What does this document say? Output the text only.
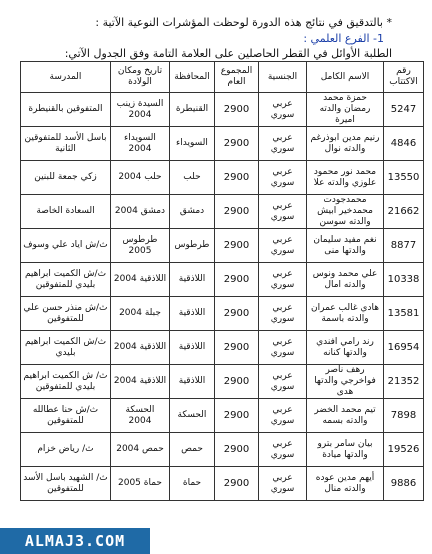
* بالتدقيق في نتائج هذه الدورة لوحظت المؤشرات النوعية الآتية :
1- الفرع العلمي :
الطلبة الأوائل في القطر الحاصلين على العلامة التامة وفق الجدول الآتي:
رقم الاكتتاب	الاسم الكامل	الجنسية	المجموع العام	المحافظة	تاريخ ومكان الولادة	المدرسة
5247	حمزة محمد رمضان والدته اميرة	عربي سوري	2900	القنيطرة	السيدة زينب 2004	المتفوقين بالقنيطرة
4846	رنيم مدين ابوذرغم والدته نوال	عربي سوري	2900	السويداء	السويداء 2004	باسل الأسد للمتفوقين الثانية
13550	محمد نور محمود علوزي والدته علا	عربي سوري	2900	حلب	حلب 2004	زكي جمعة للبنين
21662	محمدجودت محمدخير ابيش والدته سوسن	عربي سوري	2900	دمشق	دمشق 2004	السعادة الخاصة
8877	نغم مفيد سليمان والدتها منى	عربي سوري	2900	طرطوس	طرطوس 2005	ث/ش اياد علي وسوف
10338	علي محمد ونوس والدته امال	عربي سوري	2900	اللاذقية	اللاذقية 2004	ث/ش الكميت ابراهيم بليدي للمتفوقين
13581	هادي غالب عمران والدته باسمة	عربي سوري	2900	اللاذقية	جبلة 2004	ث/ش منذر حسن علي للمتفوقين
16954	رند رامي افندي والدتها كنانه	عربي سوري	2900	اللاذقية	اللاذقية 2004	ث/ش الكميت ابراهيم بليدي
21352	رهف ناصر فواخرجي والدتها هدى	عربي سوري	2900	اللاذقية	اللاذقية 2004	ث/ ش الكميت ابراهيم بليدي للمتفوقين
7898	تيم محمد الخضر والدته بسمه	عربي سوري	2900	الحسكة	الحسكة 2004	ث/ش حنا عطالله للمتفوقين
19526	بيان سامر بترو والدتها ميادة	عربي سوري	2900	حمص	حمص 2004	ث/ رياض خزام
9886	أيهم مدين عوده والدته منال	عربي سوري	2900	حماة	حماة 2005	ث/ الشهيد باسل الأسد للمتفوقين
ALMAJ3.COM
